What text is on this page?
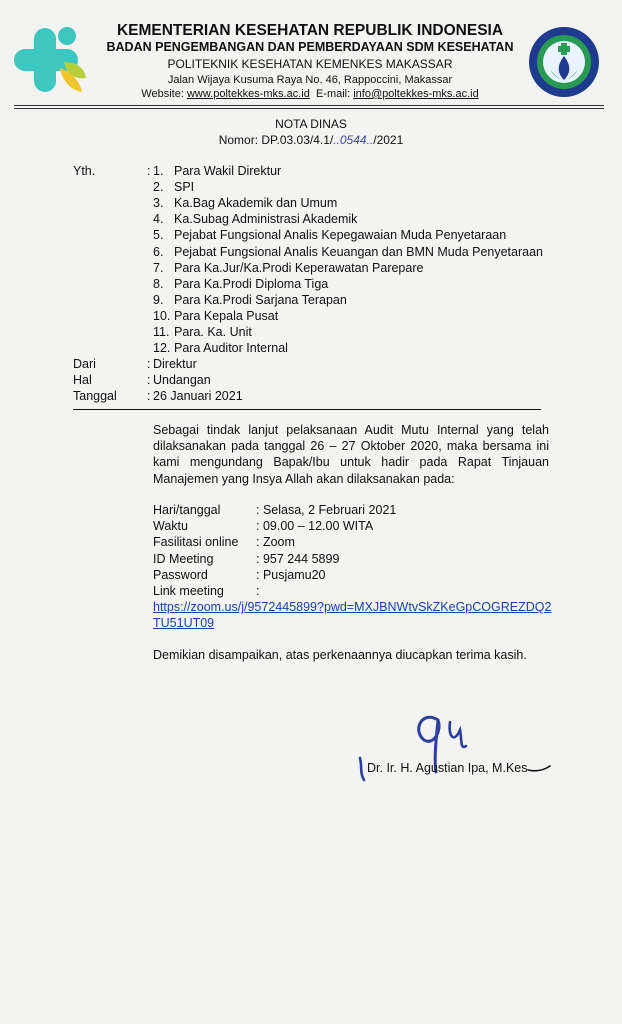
KEMENTERIAN KESEHATAN REPUBLIK INDONESIA
BADAN PENGEMBANGAN DAN PEMBERDAYAAN SDM KESEHATAN
POLITEKNIK KESEHATAN KEMENKES MAKASSAR
Jalan Wijaya Kusuma Raya No. 46, Rappoccini, Makassar
Website: www.poltekkes-mks.ac.id E-mail: info@poltekkes-mks.ac.id
NOTA DINAS
Nomor: DP.03.03/4.1/..0544../2021
Yth.	: 1. Para Wakil Direktur
2. SPI
3. Ka.Bag Akademik dan Umum
4. Ka.Subag Administrasi Akademik
5. Pejabat Fungsional Analis Kepegawaian Muda Penyetaraan
6. Pejabat Fungsional Analis Keuangan dan BMN Muda Penyetaraan
7. Para Ka.Jur/Ka.Prodi Keperawatan Parepare
8. Para Ka.Prodi Diploma Tiga
9. Para Ka.Prodi Sarjana Terapan
10. Para Kepala Pusat
11. Para. Ka. Unit
12. Para Auditor Internal
Dari	: Direktur
Hal	: Undangan
Tanggal : 26 Januari 2021
Sebagai tindak lanjut pelaksanaan Audit Mutu Internal yang telah dilaksanakan pada tanggal 26 – 27 Oktober 2020, maka bersama ini kami mengundang Bapak/Ibu untuk hadir pada Rapat Tinjauan Manajemen yang Insya Allah akan dilaksanakan pada:
Hari/tanggal	: Selasa, 2 Februari 2021
Waktu	: 09.00 – 12.00 WITA
Fasilitasi online : Zoom
ID Meeting	: 957 244 5899
Password	: Pusjamu20
Link meeting	:
https://zoom.us/j/9572445899?pwd=MXJBNWtvSkZKeGpCOGREZDQ2TU51UT09
Demikian disampaikan, atas perkenaannya diucapkan terima kasih.
Dr. Ir. H. Agustian Ipa, M.Kes
